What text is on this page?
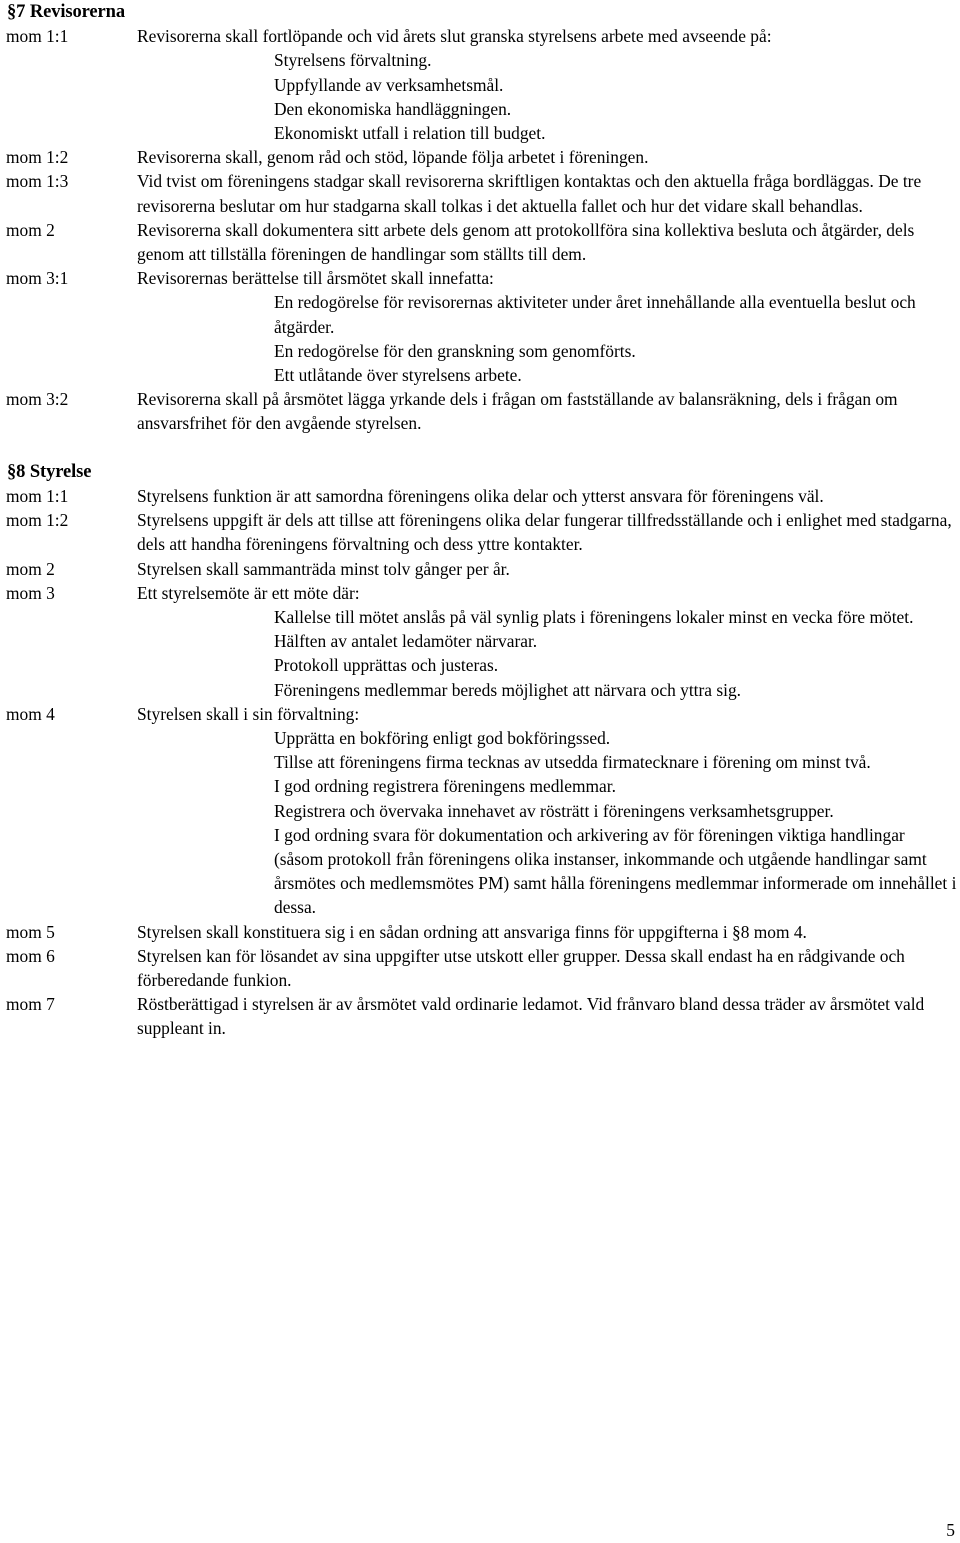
§7 Revisorerna
mom 1:1	Revisorerna skall fortlöpande och vid årets slut granska styrelsens arbete med avseende på:
Styrelsens förvaltning.
Uppfyllande av verksamhetsmål.
Den ekonomiska handläggningen.
Ekonomiskt utfall i relation till budget.
mom 1:2	Revisorerna skall, genom råd och stöd, löpande följa arbetet i föreningen.
mom 1:3	Vid tvist om föreningens stadgar skall revisorerna skriftligen kontaktas och den aktuella fråga bordläggas. De tre revisorerna beslutar om hur stadgarna skall tolkas i det aktuella fallet och hur det vidare skall behandlas.
mom 2	Revisorerna skall dokumentera sitt arbete dels genom att protokollföra sina kollektiva besluta och åtgärder, dels genom att tillställa föreningen de handlingar som ställts till dem.
mom 3:1	Revisorernas berättelse till årsmötet skall innefatta:
En redogörelse för revisorernas aktiviteter under året innehållande alla eventuella beslut och åtgärder.
En redogörelse för den granskning som genomförts.
Ett utlåtande över styrelsens arbete.
mom 3:2	Revisorerna skall på årsmötet lägga yrkande dels i frågan om fastställande av balansräkning, dels i frågan om ansvarsfrihet för den avgående styrelsen.
§8 Styrelse
mom 1:1	Styrelsens funktion är att samordna föreningens olika delar och ytterst ansvara för föreningens väl.
mom 1:2	Styrelsens uppgift är dels att tillse att föreningens olika delar fungerar tillfredsställande och i enlighet med stadgarna, dels att handha föreningens förvaltning och dess yttre kontakter.
mom 2	Styrelsen skall sammanträda minst tolv gånger per år.
mom 3	Ett styrelsemöte är ett möte där:
Kallelse till mötet anslås på väl synlig plats i föreningens lokaler minst en vecka före mötet.
Hälften av antalet ledamöter närvarar.
Protokoll upprättas och justeras.
Föreningens medlemmar bereds möjlighet att närvara och yttra sig.
mom 4	Styrelsen skall i sin förvaltning:
Upprätta en bokföring enligt god bokföringssed.
Tillse att föreningens firma tecknas av utsedda firmatecknare i förening om minst två.
I god ordning registrera föreningens medlemmar.
Registrera och övervaka innehavet av rösträtt i föreningens verksamhetsgrupper.
I god ordning svara för dokumentation och arkivering av för föreningen viktiga handlingar (såsom protokoll från föreningens olika instanser, inkommande och utgående handlingar samt årsmötes och medlemsmötes PM) samt hålla föreningens medlemmar informerade om innehållet i dessa.
mom 5	Styrelsen skall konstituera sig i en sådan ordning att ansvariga finns för uppgifterna i §8 mom 4.
mom 6	Styrelsen kan för lösandet av sina uppgifter utse utskott eller grupper. Dessa skall endast ha en rådgivande och förberedande funkion.
mom 7	Röstberättigad i styrelsen är av årsmötet vald ordinarie ledamot. Vid frånvaro bland dessa träder av årsmötet vald suppleant in.
5
